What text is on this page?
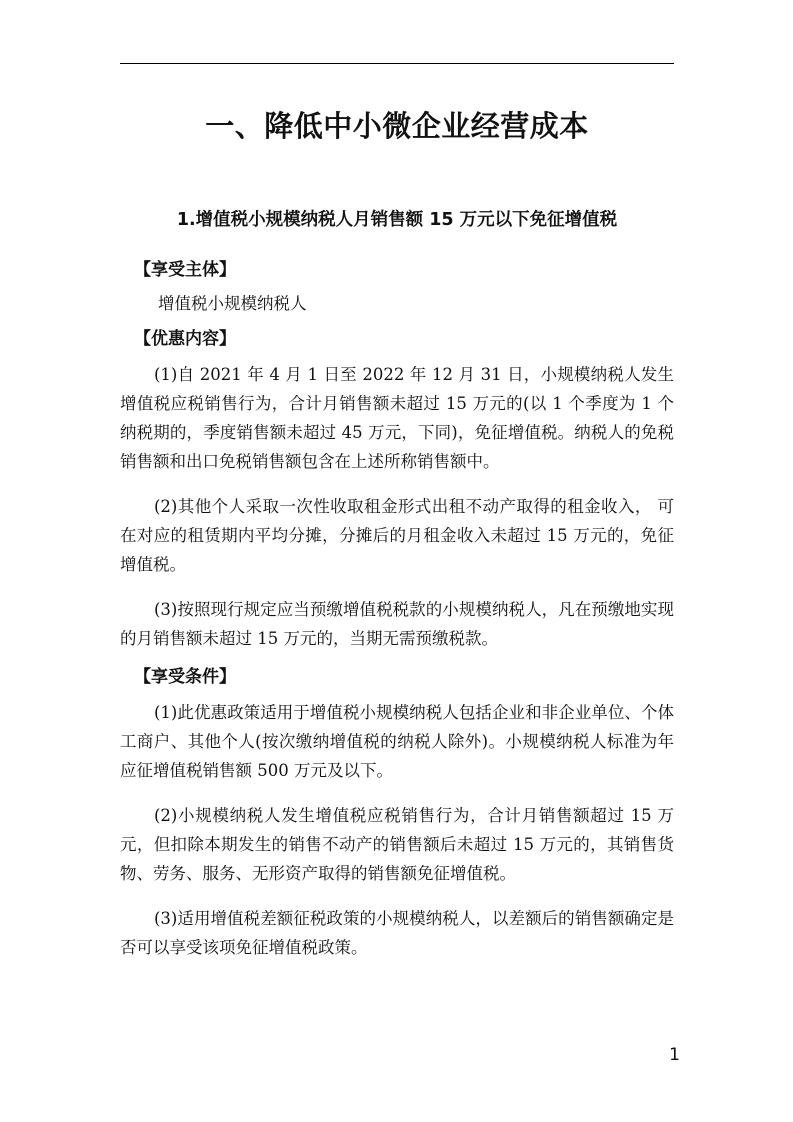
一、降低中小微企业经营成本
1.增值税小规模纳税人月销售额 15 万元以下免征增值税
【享受主体】
增值税小规模纳税人
【优惠内容】

(1)自 2021 年 4 月 1 日至 2022 年 12 月 31 日，小规模纳税人发生增值税应税销售行为，合计月销售额未超过 15 万元的(以 1 个季度为 1 个纳税期的，季度销售额未超过 45 万元，下同)，免征增值税。纳税人的免税销售额和出口免税销售额包含在上述所称销售额中。

(2)其他个人采取一次性收取租金形式出租不动产取得的租金收入， 可在对应的租赁期内平均分摊，分摊后的月租金收入未超过 15 万元的，免征增值税。

(3)按照现行规定应当预缴增值税税款的小规模纳税人，凡在预缴地实现的月销售额未超过 15 万元的，当期无需预缴税款。

【享受条件】

(1)此优惠政策适用于增值税小规模纳税人包括企业和非企业单位、个体工商户、其他个人(按次缴纳增值税的纳税人除外)。小规模纳税人标准为年应征增值税销售额 500 万元及以下。

(2)小规模纳税人发生增值税应税销售行为，合计月销售额超过 15 万元，但扣除本期发生的销售不动产的销售额后未超过 15 万元的，其销售货物、劳务、服务、无形资产取得的销售额免征增值税。

(3)适用增值税差额征税政策的小规模纳税人，以差额后的销售额确定是否可以享受该项免征增值税政策。

1
